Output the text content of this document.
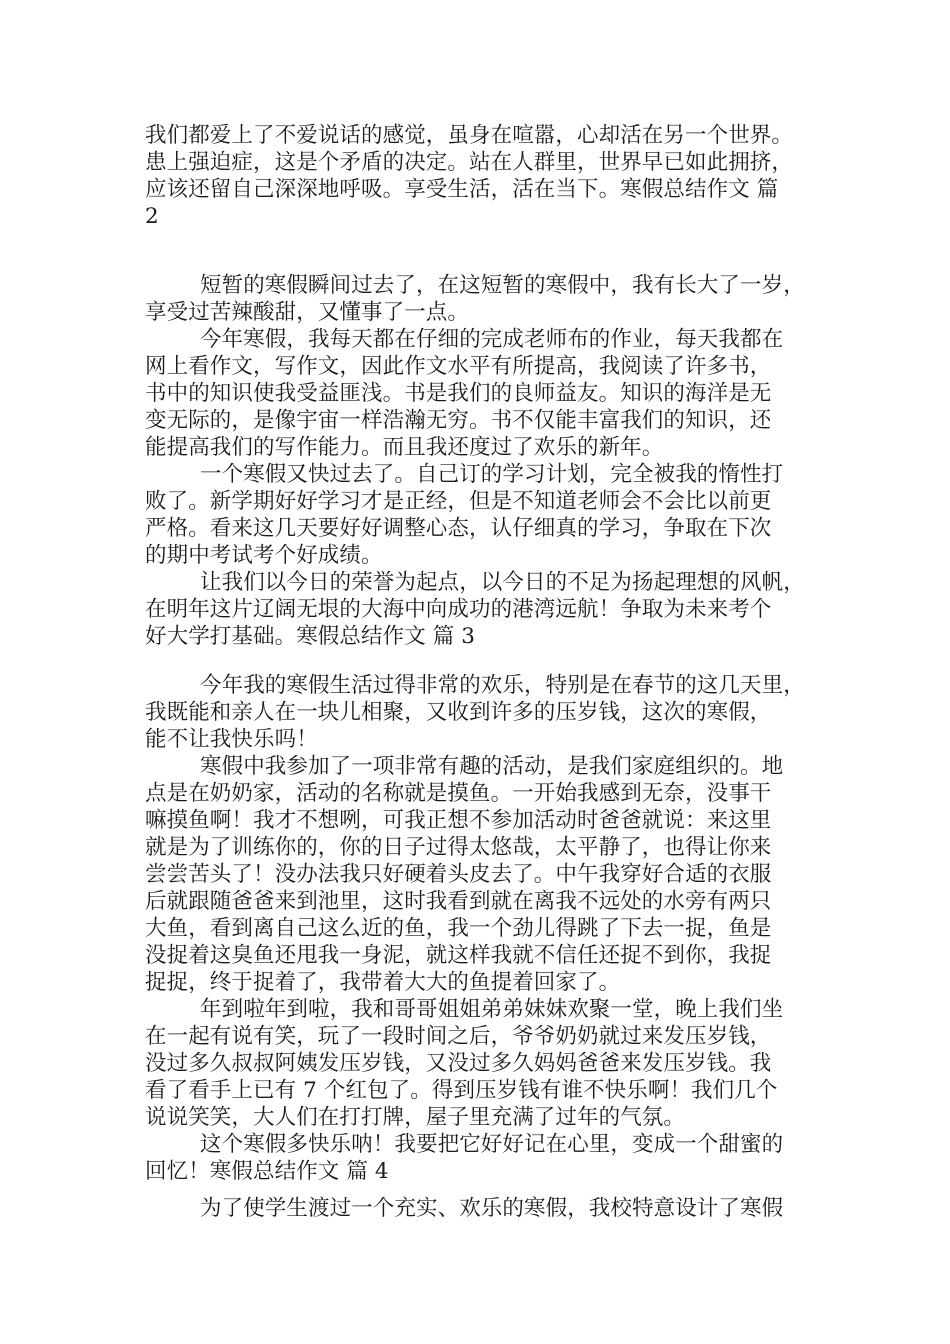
我们都爱上了不爱说话的感觉，虽身在喧嚣，心却活在另一个世界。
患上强迫症，这是个矛盾的决定。站在人群里，世界早已如此拥挤，
应该还留自己深深地呼吸。享受生活，活在当下。寒假总结作文 篇
2
短暂的寒假瞬间过去了，在这短暂的寒假中，我有长大了一岁，
享受过苦辣酸甜，又懂事了一点。
今年寒假，我每天都在仔细的完成老师布的作业，每天我都在
网上看作文，写作文，因此作文水平有所提高，我阅读了许多书，
书中的知识使我受益匪浅。书是我们的良师益友。知识的海洋是无
变无际的，是像宇宙一样浩瀚无穷。书不仅能丰富我们的知识，还
能提高我们的写作能力。而且我还度过了欢乐的新年。
一个寒假又快过去了。自己订的学习计划，完全被我的惰性打
败了。新学期好好学习才是正经，但是不知道老师会不会比以前更
严格。看来这几天要好好调整心态，认仔细真的学习，争取在下次
的期中考试考个好成绩。
让我们以今日的荣誉为起点，以今日的不足为扬起理想的风帆，
在明年这片辽阔无垠的大海中向成功的港湾远航！争取为未来考个
好大学打基础。寒假总结作文 篇 3
今年我的寒假生活过得非常的欢乐，特别是在春节的这几天里，
我既能和亲人在一块儿相聚，又收到许多的压岁钱，这次的寒假，
能不让我快乐吗！
寒假中我参加了一项非常有趣的活动，是我们家庭组织的。地
点是在奶奶家，活动的名称就是摸鱼。一开始我感到无奈，没事干
嘛摸鱼啊！我才不想咧，可我正想不参加活动时爸爸就说：来这里
就是为了训练你的，你的日子过得太悠哉，太平静了，也得让你来
尝尝苦头了！没办法我只好硬着头皮去了。中午我穿好合适的衣服
后就跟随爸爸来到池里，这时我看到就在离我不远处的水旁有两只
大鱼，看到离自己这么近的鱼，我一个劲儿得跳了下去一捉，鱼是
没捉着这臭鱼还甩我一身泥，就这样我就不信任还捉不到你，我捉
捉捉，终于捉着了，我带着大大的鱼提着回家了。
年到啦年到啦，我和哥哥姐姐弟弟妹妹欢聚一堂，晚上我们坐
在一起有说有笑，玩了一段时间之后，爷爷奶奶就过来发压岁钱，
没过多久叔叔阿姨发压岁钱，又没过多久妈妈爸爸来发压岁钱。我
看了看手上已有 7 个红包了。得到压岁钱有谁不快乐啊！我们几个
说说笑笑，大人们在打打牌，屋子里充满了过年的气氛。
这个寒假多快乐呐！我要把它好好记在心里，变成一个甜蜜的
回忆！寒假总结作文 篇 4
为了使学生渡过一个充实、欢乐的寒假，我校特意设计了寒假
